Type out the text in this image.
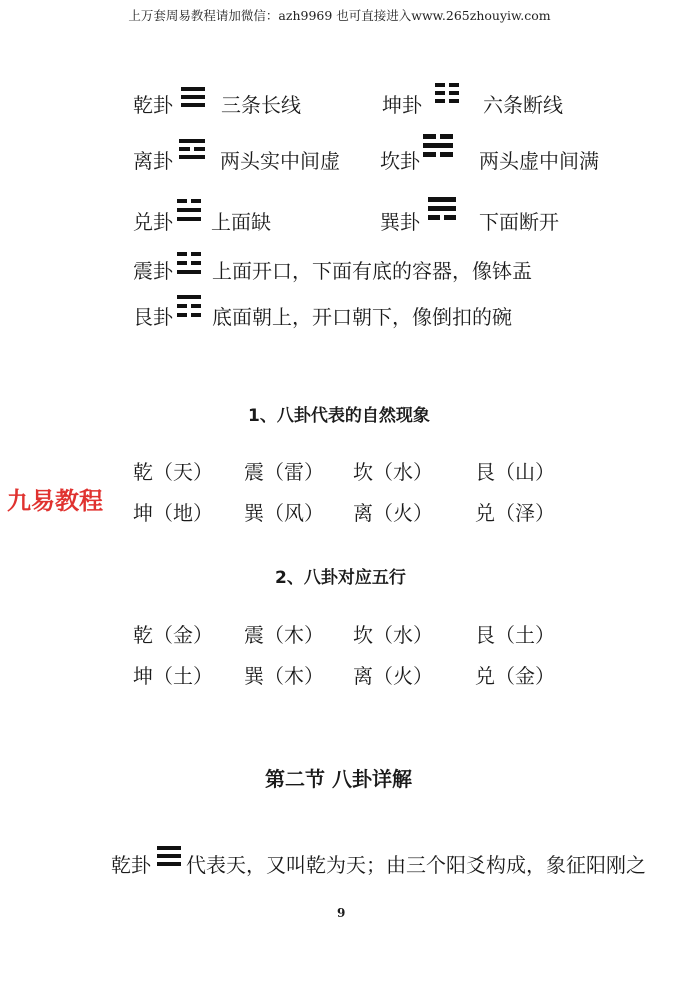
上万套周易教程请加微信：azh9969 也可直接进入www.265zhouyiw.com
乾卦 三条长线	坤卦	六条断线
离卦 两头实中间虚 坎卦	两头虚中间满
兑卦 上面缺	巽卦	下面断开
震卦 上面开口，下面有底的容器，像钵盂
艮卦 底面朝上，开口朝下，像倒扣的碗
1、八卦代表的自然现象
乾（天） 震（雷） 坎（水） 艮（山）
九易教程 坤（地） 巽（风） 离（火） 兑（泽）
2、八卦对应五行
乾（金） 震（木） 坎（水） 艮（土）
坤（土） 巽（木） 离（火） 兑（金）
第二节 八卦详解
乾卦 代表天，又叫乾为天；由三个阳爻构成，象征阳刚之
9
